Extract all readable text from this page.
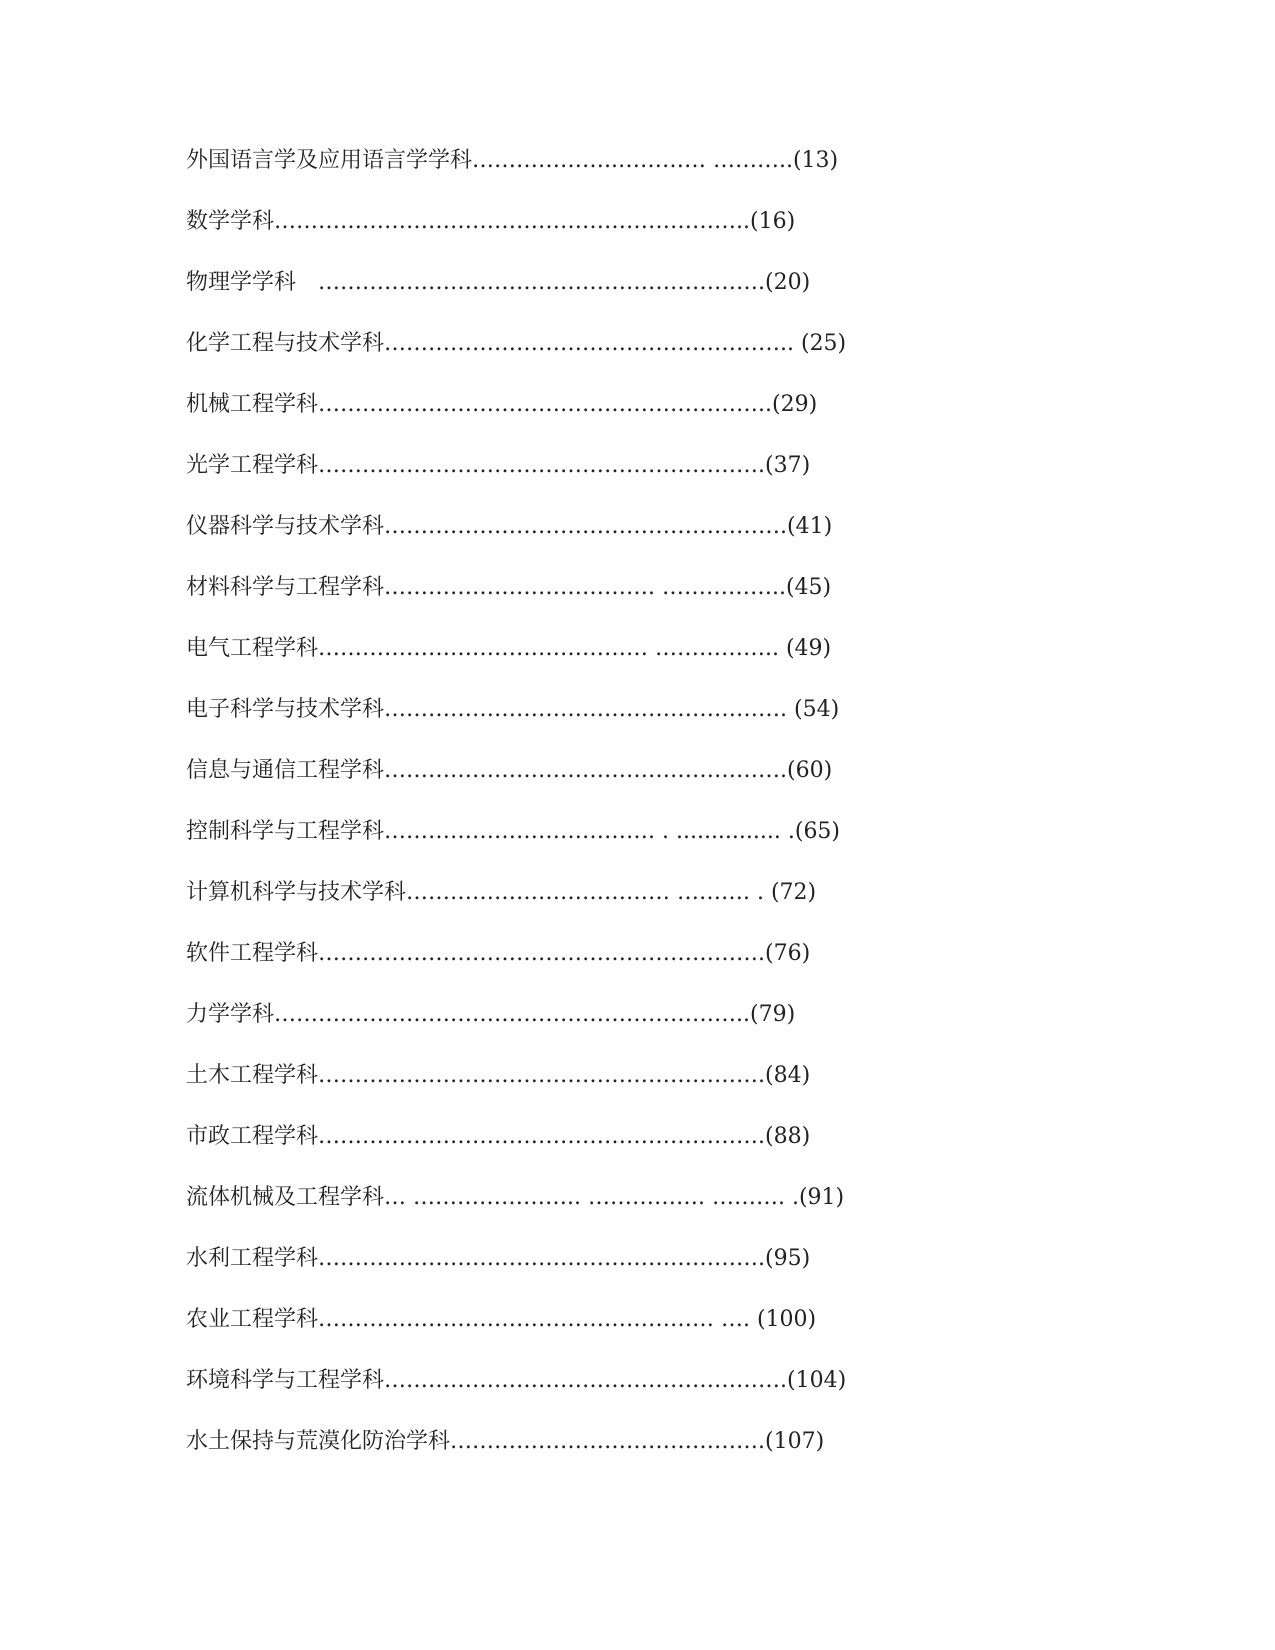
外国语言学及应用语言学学科………………..………… ………..(13)
数学学科………………………………………………………..(16)
物理学学科　…………………………………………………….(20)
化学工程与技术学科……………………………………………….. (25)
机械工程学科……………………………………………………..(29)
光学工程学科…………………………………………………….(37)
仪器科学与技术学科……………………………………………….(41)
材料科学与工程学科………………………………. ……………..(45)
电气工程学科……………………………………… …………….. (49)
电子科学与技术学科………………………………………………. (54)
信息与通信工程学科……………………………………………….(60)
控制科学与工程学科………………………………. . ............... .(65)
计算机科学与技术学科……………………………… ………. . (72)
软件工程学科…………………………………………………….(76)
力学学科………………………………………………………..(79)
土木工程学科…………………………………………………….(84)
市政工程学科…………………………………………………….(88)
流体机械及工程学科… ………………….. ……………. ………. .(91)
水利工程学科…………………………………………………….(95)
农业工程学科……………………………………………… …. (100)
环境科学与工程学科……………………………………………….(104)
水土保持与荒漠化防治学科…………………………………….(107)
